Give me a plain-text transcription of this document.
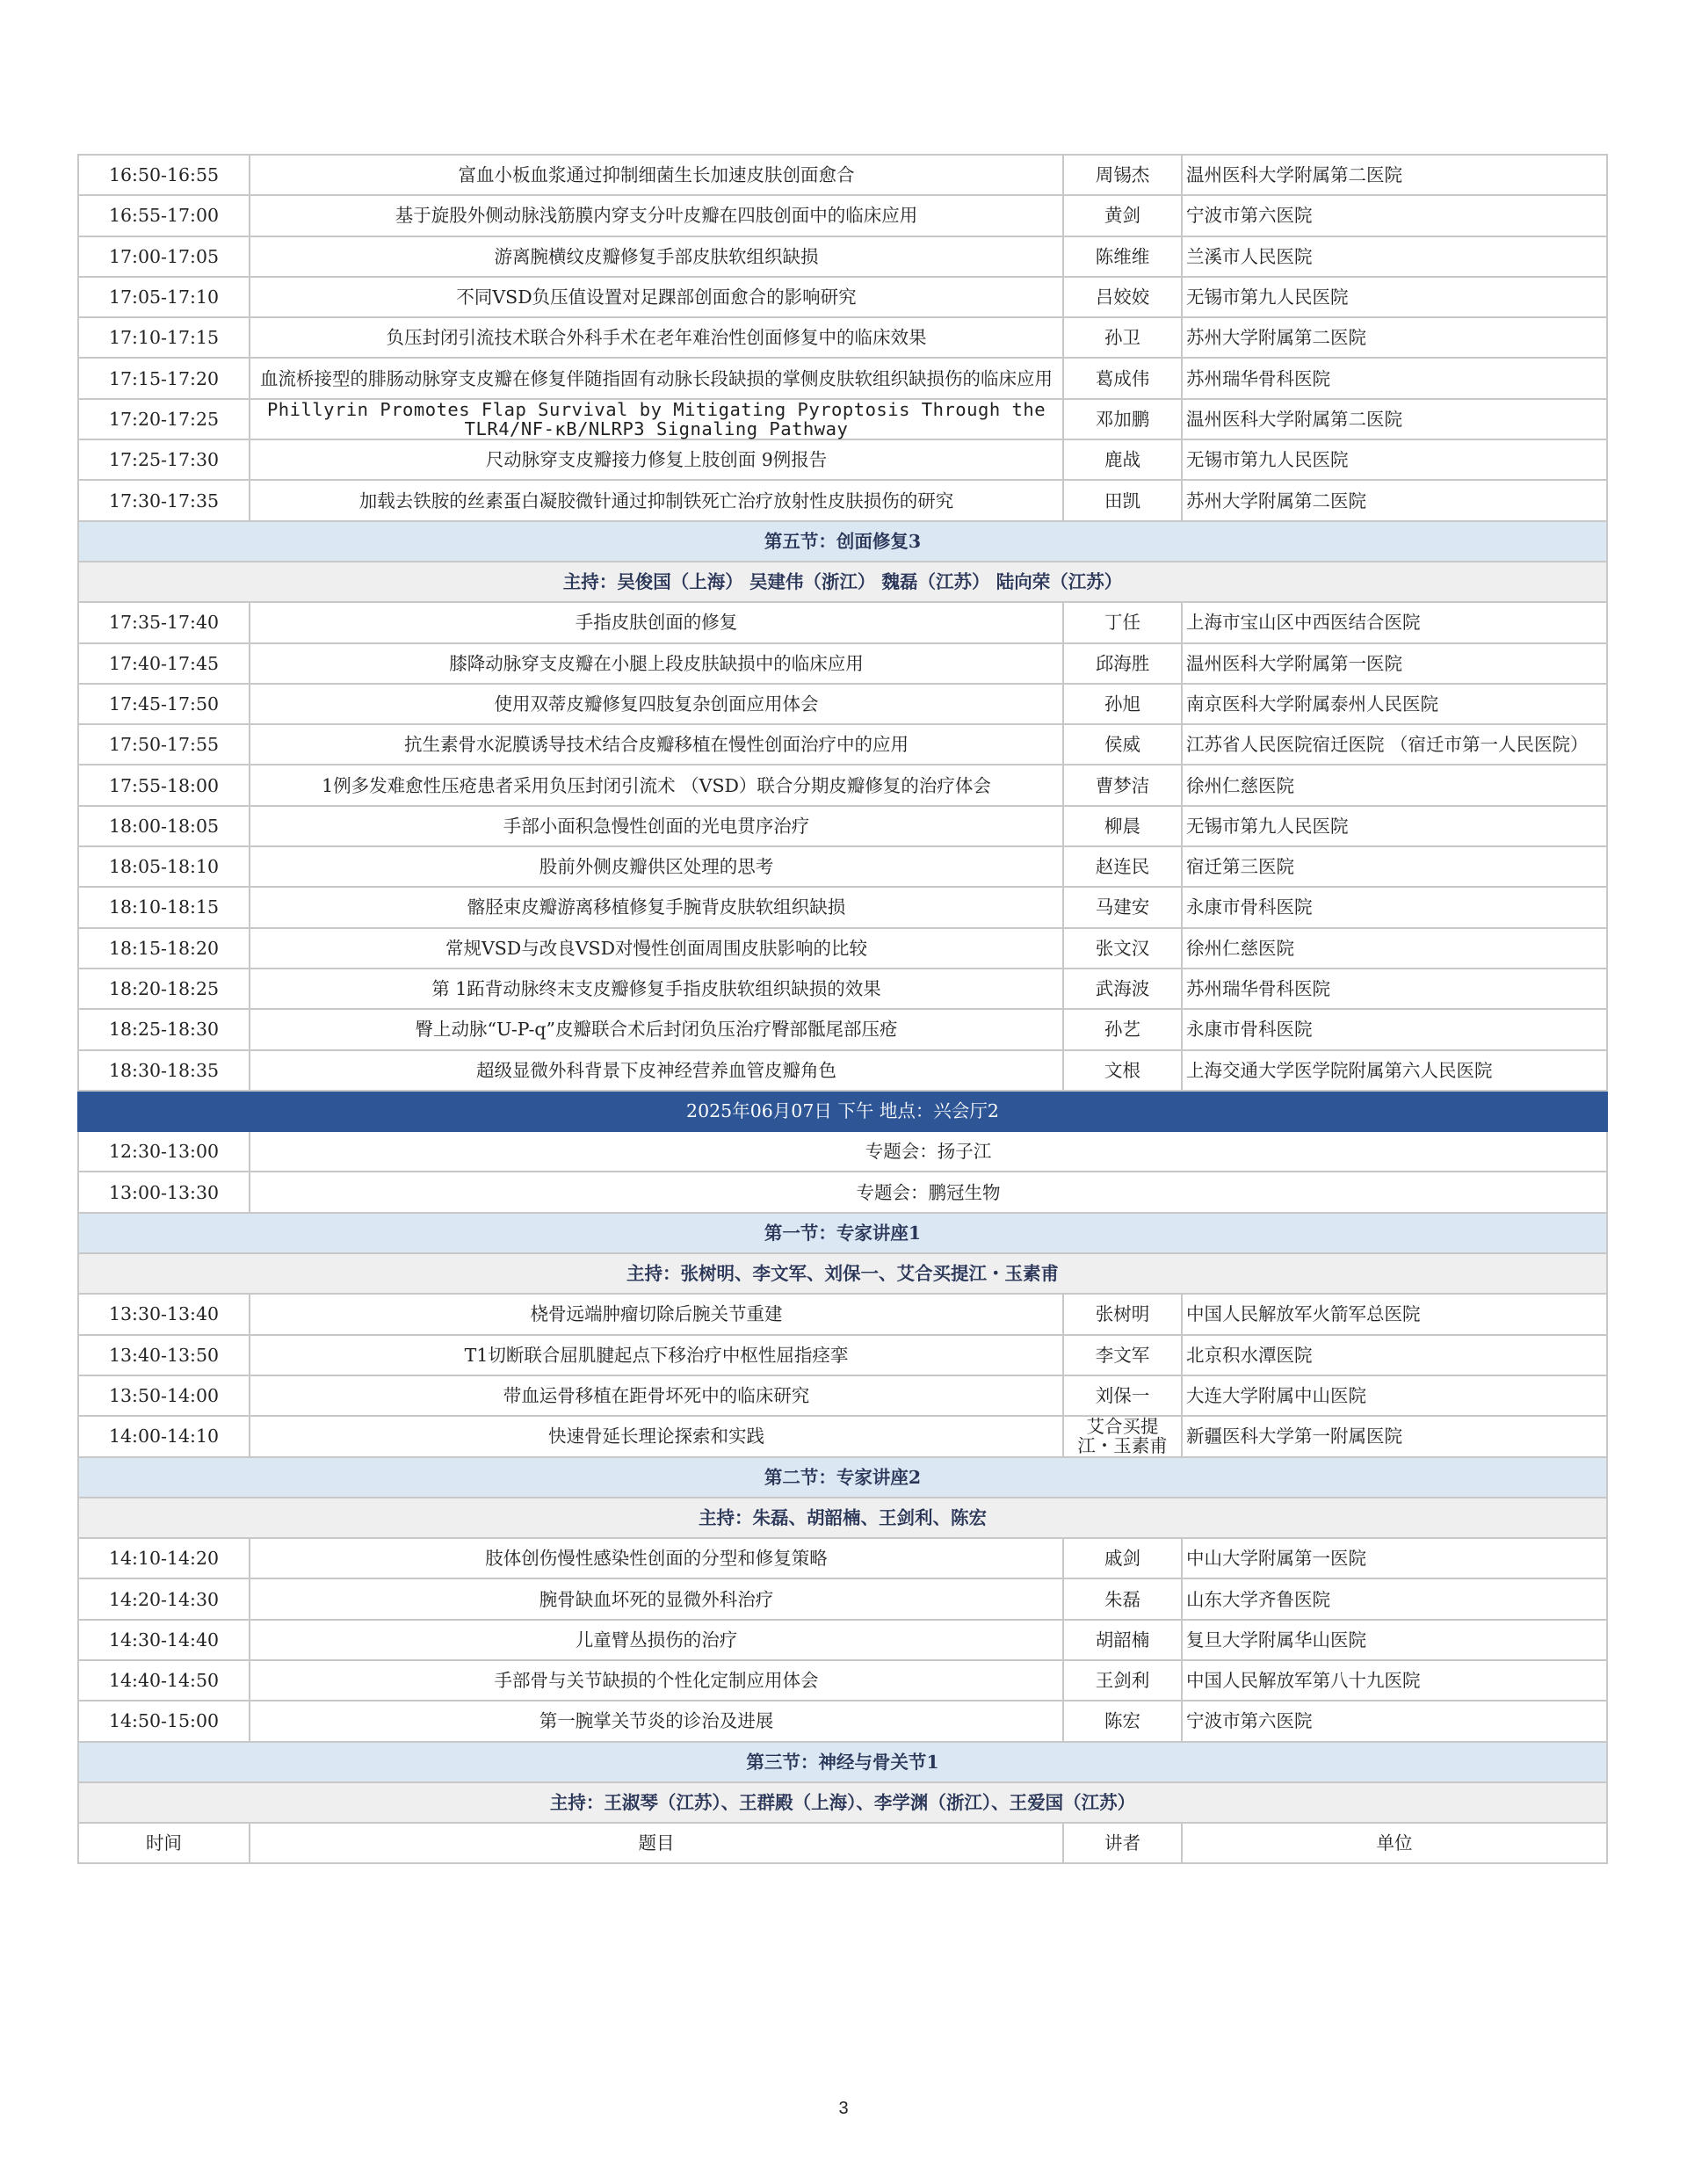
16:50-16:55	富血小板血浆通过抑制细菌生长加速皮肤创面愈合	周锡杰	温州医科大学附属第二医院
16:55-17:00	基于旋股外侧动脉浅筋膜内穿支分叶皮瓣在四肢创面中的临床应用	黄剑	宁波市第六医院
17:00-17:05	游离腕横纹皮瓣修复手部皮肤软组织缺损	陈维维	兰溪市人民医院
17:05-17:10	不同VSD负压值设置对足踝部创面愈合的影响研究	吕姣姣	无锡市第九人民医院
17:10-17:15	负压封闭引流技术联合外科手术在老年难治性创面修复中的临床效果	孙卫	苏州大学附属第二医院
17:15-17:20	血流桥接型的腓肠动脉穿支皮瓣在修复伴随指固有动脉长段缺损的掌侧皮肤软组织缺损伤的临床应用	葛成伟	苏州瑞华骨科医院
17:20-17:25	Phillyrin Promotes Flap Survival by Mitigating Pyroptosis Through the TLR4/NF-κB/NLRP3 Signaling Pathway	邓加鹏	温州医科大学附属第二医院
17:25-17:30	尺动脉穿支皮瓣接力修复上肢创面 9例报告	鹿战	无锡市第九人民医院
17:30-17:35	加载去铁胺的丝素蛋白凝胶微针通过抑制铁死亡治疗放射性皮肤损伤的研究	田凯	苏州大学附属第二医院
第五节：创面修复3			
主持：吴俊国（上海） 吴建伟（浙江） 魏磊（江苏） 陆向荣（江苏）			
17:35-17:40	手指皮肤创面的修复	丁任	上海市宝山区中西医结合医院
17:40-17:45	膝降动脉穿支皮瓣在小腿上段皮肤缺损中的临床应用	邱海胜	温州医科大学附属第一医院
17:45-17:50	使用双蒂皮瓣修复四肢复杂创面应用体会	孙旭	南京医科大学附属泰州人民医院
17:50-17:55	抗生素骨水泥膜诱导技术结合皮瓣移植在慢性创面治疗中的应用	侯威	江苏省人民医院宿迁医院 （宿迁市第一人民医院）
17:55-18:00	1例多发难愈性压疮患者采用负压封闭引流术 （VSD）联合分期皮瓣修复的治疗体会	曹梦洁	徐州仁慈医院
18:00-18:05	手部小面积急慢性创面的光电贯序治疗	柳晨	无锡市第九人民医院
18:05-18:10	股前外侧皮瓣供区处理的思考	赵连民	宿迁第三医院
18:10-18:15	髂胫束皮瓣游离移植修复手腕背皮肤软组织缺损	马建安	永康市骨科医院
18:15-18:20	常规VSD与改良VSD对慢性创面周围皮肤影响的比较	张文汉	徐州仁慈医院
18:20-18:25	第 1跖背动脉终末支皮瓣修复手指皮肤软组织缺损的效果	武海波	苏州瑞华骨科医院
18:25-18:30	臀上动脉“U-P-q”皮瓣联合术后封闭负压治疗臀部骶尾部压疮	孙艺	永康市骨科医院
18:30-18:35	超级显微外科背景下皮神经营养血管皮瓣角色	文根	上海交通大学医学院附属第六人民医院
2025年06月07日 下午 地点：兴会厅2			
12:30-13:00	专题会：扬子江		
13:00-13:30	专题会：鹏冠生物		
第一节：专家讲座1			
主持：张树明、李文军、刘保一、艾合买提江・玉素甫			
13:30-13:40	桡骨远端肿瘤切除后腕关节重建	张树明	中国人民解放军火箭军总医院
13:40-13:50	T1切断联合屈肌腱起点下移治疗中枢性屈指痉挛	李文军	北京积水潭医院
13:50-14:00	带血运骨移植在距骨坏死中的临床研究	刘保一	大连大学附属中山医院
14:00-14:10	快速骨延长理论探索和实践	艾合买提江・玉素甫	新疆医科大学第一附属医院
第二节：专家讲座2			
主持：朱磊、胡韶楠、王剑利、陈宏			
14:10-14:20	肢体创伤慢性感染性创面的分型和修复策略	戚剑	中山大学附属第一医院
14:20-14:30	腕骨缺血坏死的显微外科治疗	朱磊	山东大学齐鲁医院
14:30-14:40	儿童臂丛损伤的治疗	胡韶楠	复旦大学附属华山医院
14:40-14:50	手部骨与关节缺损的个性化定制应用体会	王剑利	中国人民解放军第八十九医院
14:50-15:00	第一腕掌关节炎的诊治及进展	陈宏	宁波市第六医院
第三节：神经与骨关节1			
主持：王淑琴（江苏）、王群殿（上海）、李学渊（浙江）、王爱国（江苏）			
时间	题目	讲者	单位
3
